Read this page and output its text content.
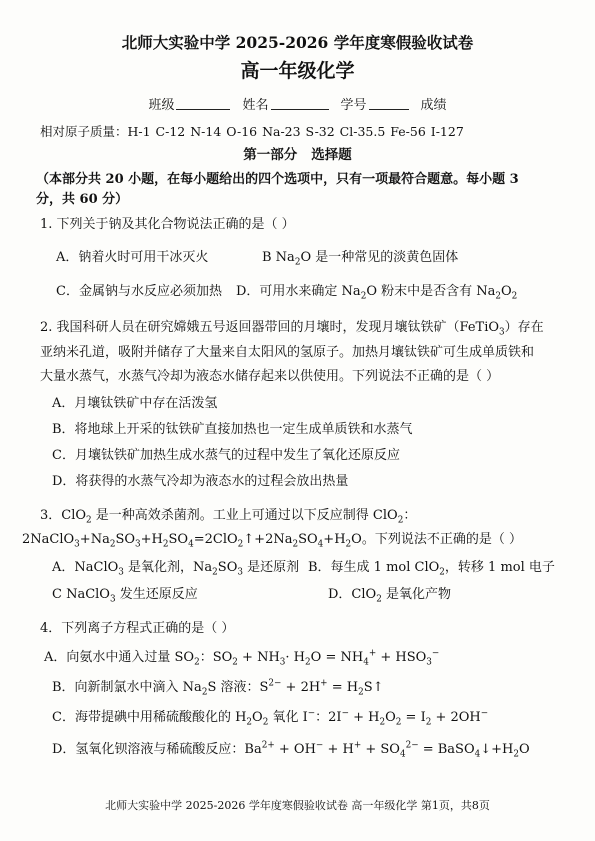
北师大实验中学 2025-2026 学年度寒假验收试卷
高一年级化学
班级	姓名	学号	成绩
相对原子质量：H-1 C-12 N-14 O-16 Na-23 S-32 Cl-35.5 Fe-56 I-127
第一部分 选择题
（本部分共 20 小题，在每小题给出的四个选项中，只有一项最符合题意。每小题 3
分，共 60 分）
1. 下列关于钠及其化合物说法正确的是（ ）
A．钠着火时可用干冰灭火	B $Na_2O$ 是一种常见的淡黄色固体
C．金属钠与水反应必须加热 D．可用水来确定 $Na_2O$ 粉末中是否含有 $Na_2O_2$
2. 我国科研人员在研究嫦娥五号返回器带回的月壤时，发现月壤钛铁矿（FeTiO$_3$）存在
亚纳米孔道，吸附并储存了大量来自太阳风的氢原子。加热月壤钛铁矿可生成单质铁和
大量水蒸气，水蒸气冷却为液态水储存起来以供使用。下列说法不正确的是（ ）
A．月壤钛铁矿中存在活泼氢
B．将地球上开采的钛铁矿直接加热也一定生成单质铁和水蒸气
C．月壤钛铁矿加热生成水蒸气的过程中发生了氧化还原反应
D．将获得的水蒸气冷却为液态水的过程会放出热量
3．ClO$_2$ 是一种高效杀菌剂。工业上可通过以下反应制得 ClO$_2$：
$2NaClO_3+Na_2SO_3+H_2SO_4=2ClO_2↑+2Na_2SO_4+H_2O$。下列说法不正确的是（ ）
A．NaClO$_3$ 是氧化剂，$Na_2SO_3$ 是还原剂 B．每生成 1 mol ClO$_2$，转移 1 mol 电子
C NaClO$_3$ 发生还原反应	D．ClO$_2$ 是氧化产物
4．下列离子方程式正确的是（ ）
A．向氨水中通入过量 $SO_2$：$SO_2 + NH_3\cdot H_2O = NH_4^+ + HSO_3^-$
B．向新制氯水中滴入 $Na_2S$ 溶液：$S^{2-} + 2H^+$ = $H_2S↑$
C．海带提碘中用稀硫酸酸化的 $H_2O_2$ 氧化 I−：$2I^- + H_2O_2 = I_2 + 2OH^-$
D．氢氧化钡溶液与稀硫酸反应：$Ba^{2+} + OH^- + H^+ + SO_4^{2-}$ = $BaSO_4↓+H_2O$
北师大实验中学 2025-2026 学年度寒假验收试卷 高一年级化学 第1页，共8页
